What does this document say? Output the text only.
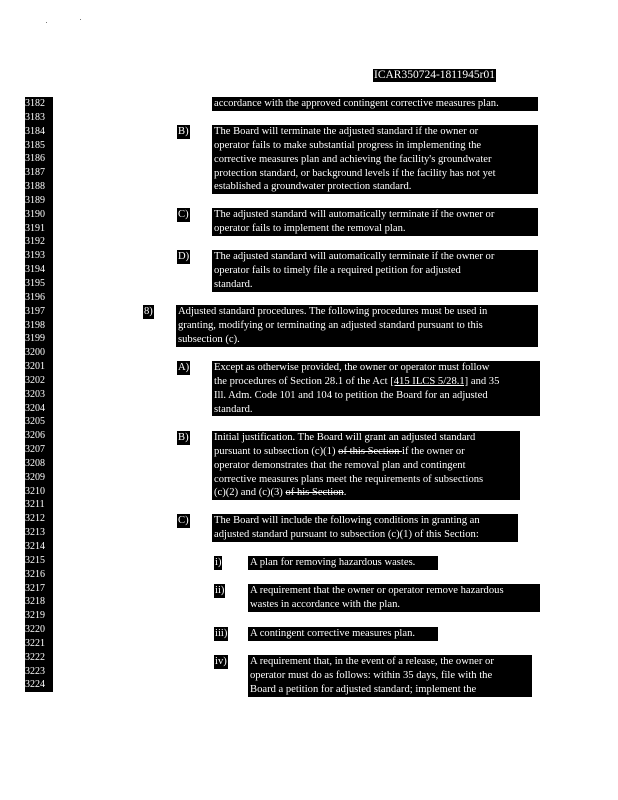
ICAR350724-1811945r01
3182
3183
3184
3185
3186
3187
3188
3189
3190
3191
3192
3193
3194
3195
3196
3197
3198
3199
3200
3201
3202
3203
3204
3205
3206
3207
3208
3209
3210
3211
3212
3213
3214
3215
3216
3217
3218
3219
3220
3221
3222
3223
3224
accordance with the approved contingent corrective measures plan.
B) The Board will terminate the adjusted standard if the owner or
operator fails to make substantial progress in implementing the
corrective measures plan and achieving the facility's groundwater
protection standard, or background levels if the facility has not yet
established a groundwater protection standard.
C) The adjusted standard will automatically terminate if the owner or
operator fails to implement the removal plan.
D) The adjusted standard will automatically terminate if the owner or
operator fails to timely file a required petition for adjusted
standard.
8) Adjusted standard procedures. The following procedures must be used in
granting, modifying or terminating an adjusted standard pursuant to this
subsection (c).
A) Except as otherwise provided, the owner or operator must follow
the procedures of Section 28.1 of the Act [415 ILCS 5/28.1] and 35
Ill. Adm. Code 101 and 104 to petition the Board for an adjusted
standard.
B) Initial justification. The Board will grant an adjusted standard
pursuant to subsection (c)(1) of this Section if the owner or
operator demonstrates that the removal plan and contingent
corrective measures plans meet the requirements of subsections
(c)(2) and (c)(3) of his Section.
C) The Board will include the following conditions in granting an
adjusted standard pursuant to subsection (c)(1) of this Section:
i)	A plan for removing hazardous wastes.
ii) A requirement that the owner or operator remove hazardous
wastes in accordance with the plan.
iii) A contingent corrective measures plan.
iv) A requirement that, in the event of a release, the owner or
operator must do as follows: within 35 days, file with the
Board a petition for adjusted standard; implement the
